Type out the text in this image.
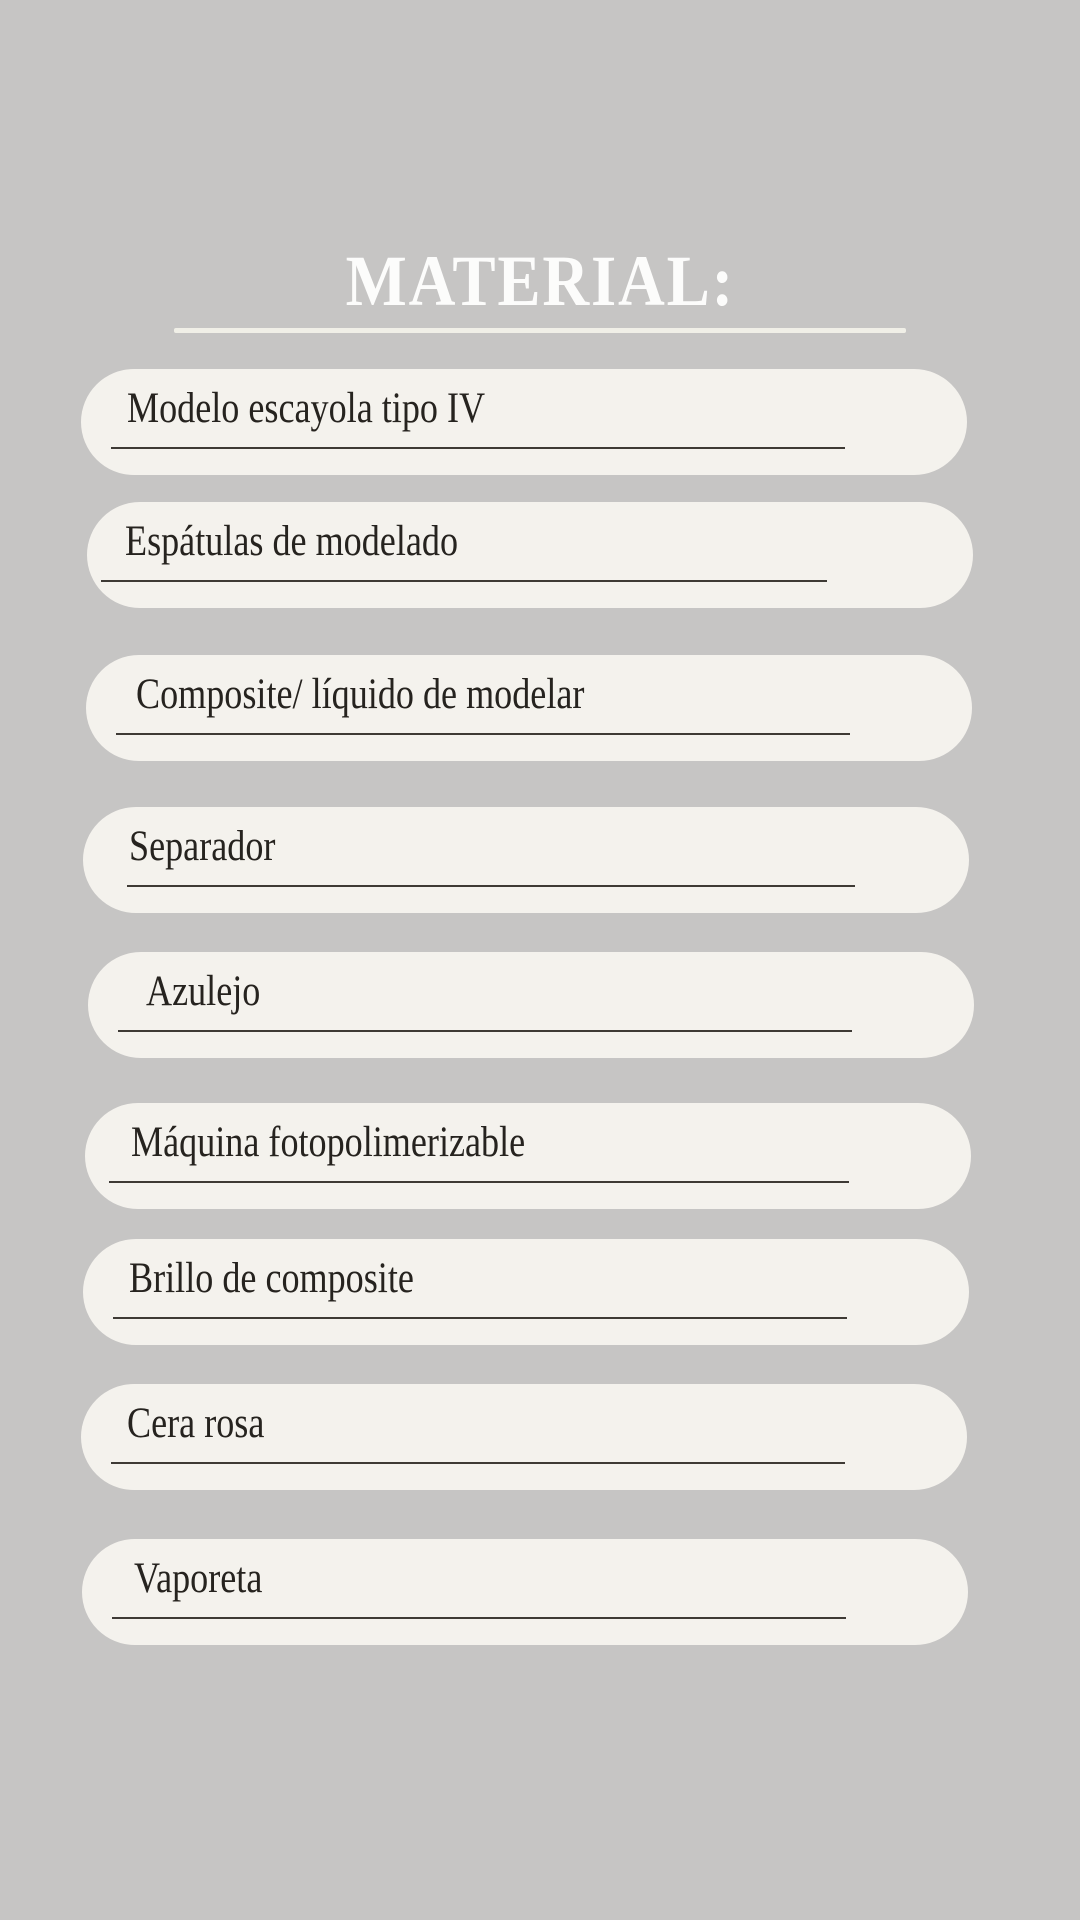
MATERIAL:
Modelo escayola tipo IV
Espátulas de modelado
Composite/ líquido de modelar
Separador
Azulejo
Máquina fotopolimerizable
Brillo de composite
Cera rosa
Vaporeta
